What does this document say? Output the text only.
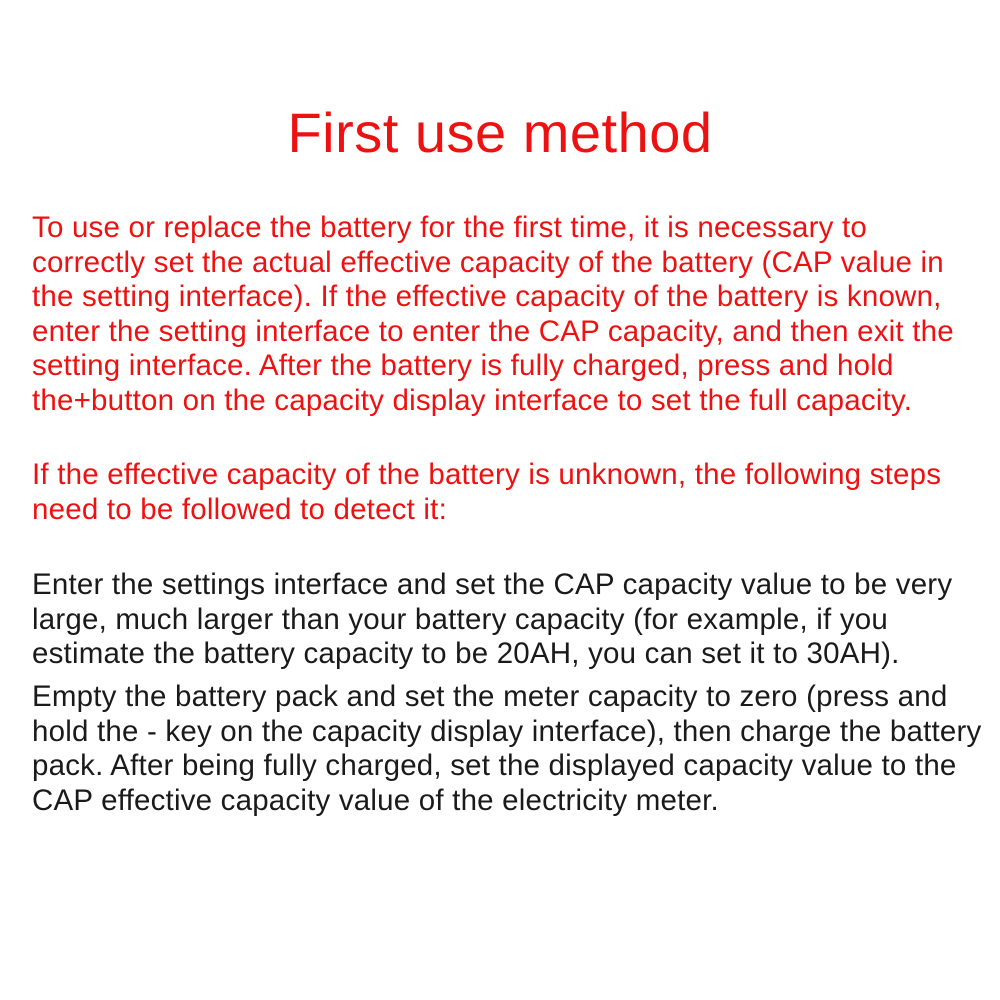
First use method

To use or replace the battery for the first time, it is necessary to correctly set the actual effective capacity of the battery (CAP value in the setting interface). If the effective capacity of the battery is known, enter the setting interface to enter the CAP capacity, and then exit the setting interface. After the battery is fully charged, press and hold the+button on the capacity display interface to set the full capacity.

If the effective capacity of the battery is unknown, the following steps need to be followed to detect it:

Enter the settings interface and set the CAP capacity value to be very large, much larger than your battery capacity (for example, if you estimate the battery capacity to be 20AH, you can set it to 30AH).

Empty the battery pack and set the meter capacity to zero (press and hold the - key on the capacity display interface), then charge the battery pack. After being fully charged, set the displayed capacity value to the CAP effective capacity value of the electricity meter.
